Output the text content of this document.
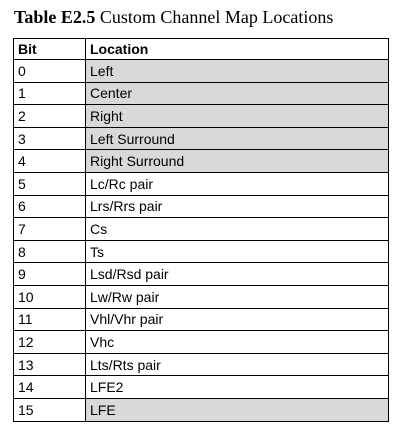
Table E2.5 Custom Channel Map Locations
Bit	Location
0	Left
1	Center
2	Right
3	Left Surround
4	Right Surround
5	Lc/Rc pair
6	Lrs/Rrs pair
7	Cs
8	Ts
9	Lsd/Rsd pair
10	Lw/Rw pair
11	Vhl/Vhr pair
12	Vhc
13	Lts/Rts pair
14	LFE2
15	LFE
